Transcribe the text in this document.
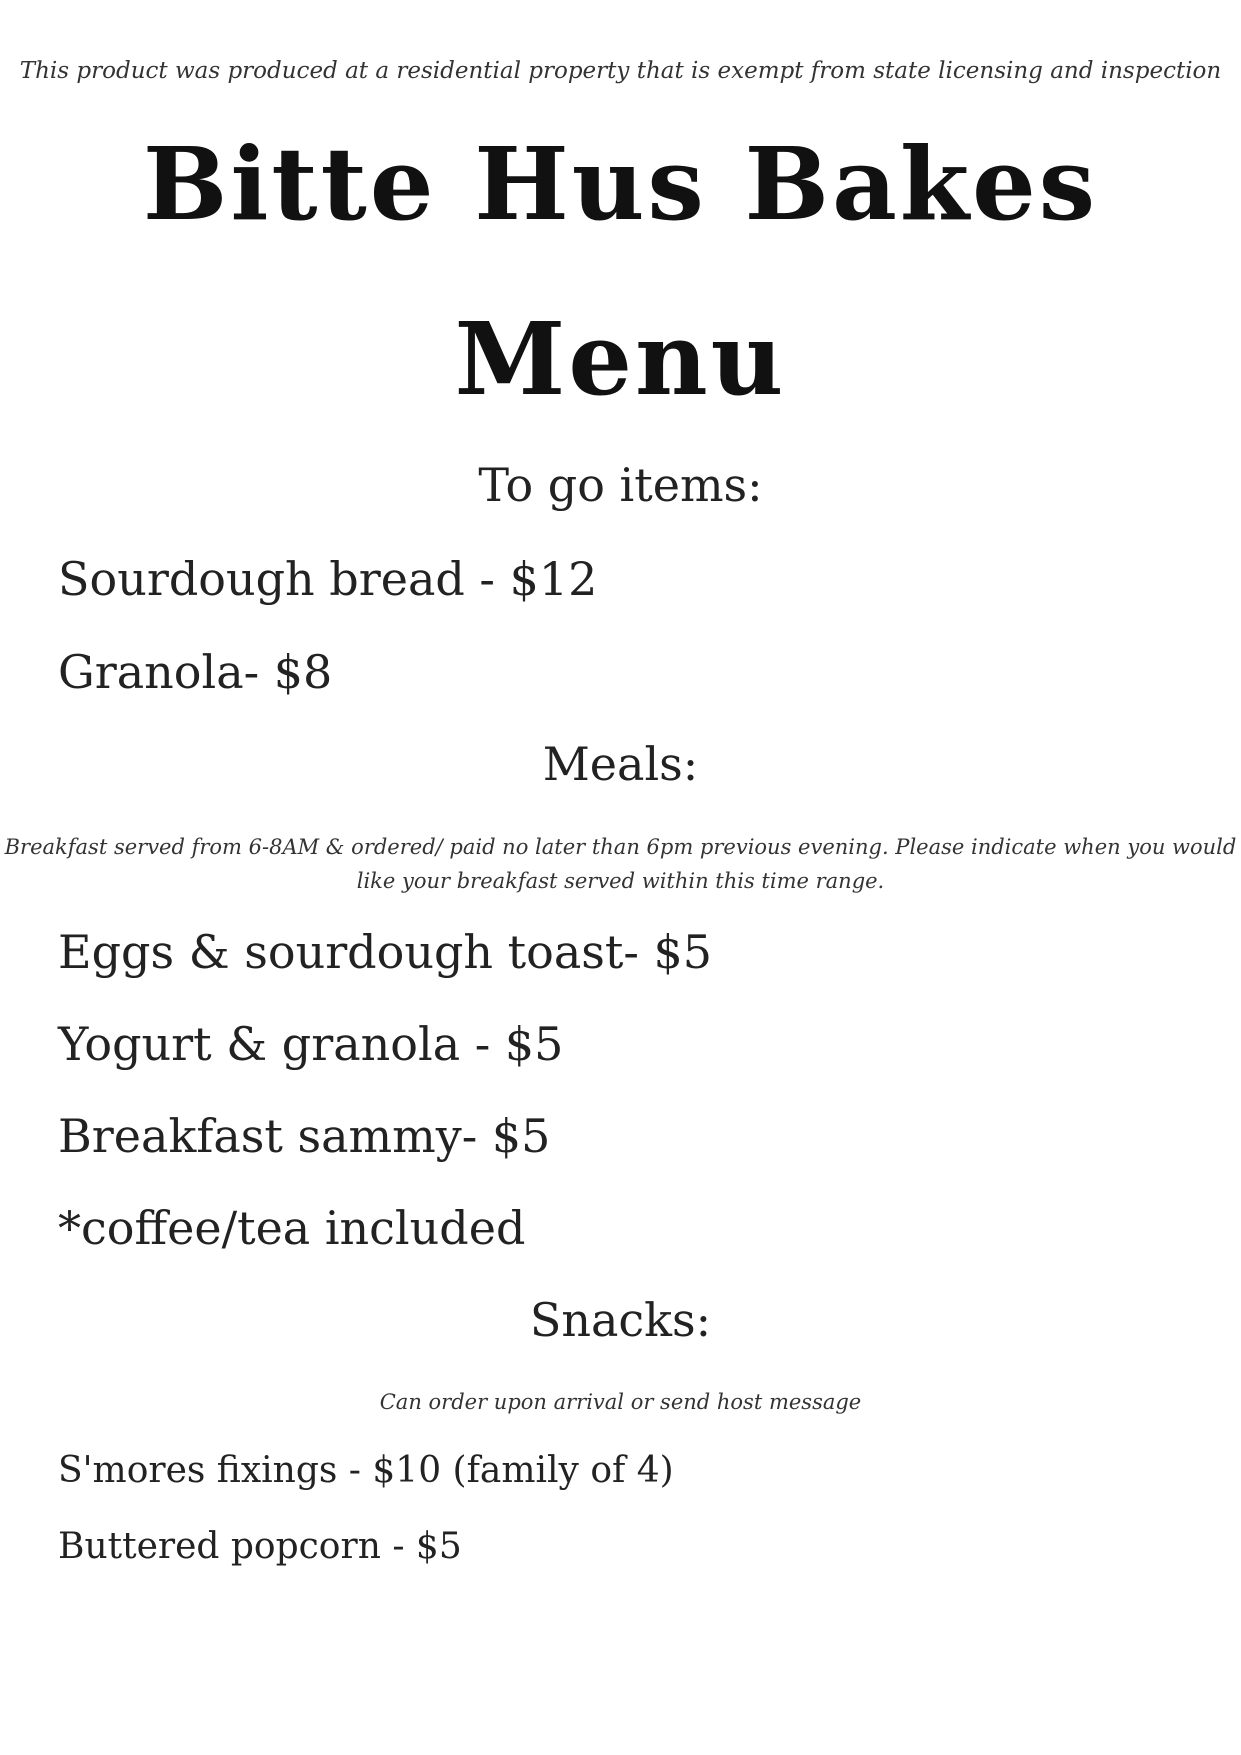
This product was produced at a residential property that is exempt from state licensing and inspection
Bitte Hus Bakes
Menu
To go items:
Sourdough bread - $12
Granola- $8
Meals:
Breakfast served from 6-8AM & ordered/ paid no later than 6pm previous evening. Please indicate when you would
like your breakfast served within this time range.
Eggs & sourdough toast- $5
Yogurt & granola - $5
Breakfast sammy- $5
*coffee/tea included
Snacks:
Can order upon arrival or send host message
S'mores fixings - $10 (family of 4)
Buttered popcorn - $5
